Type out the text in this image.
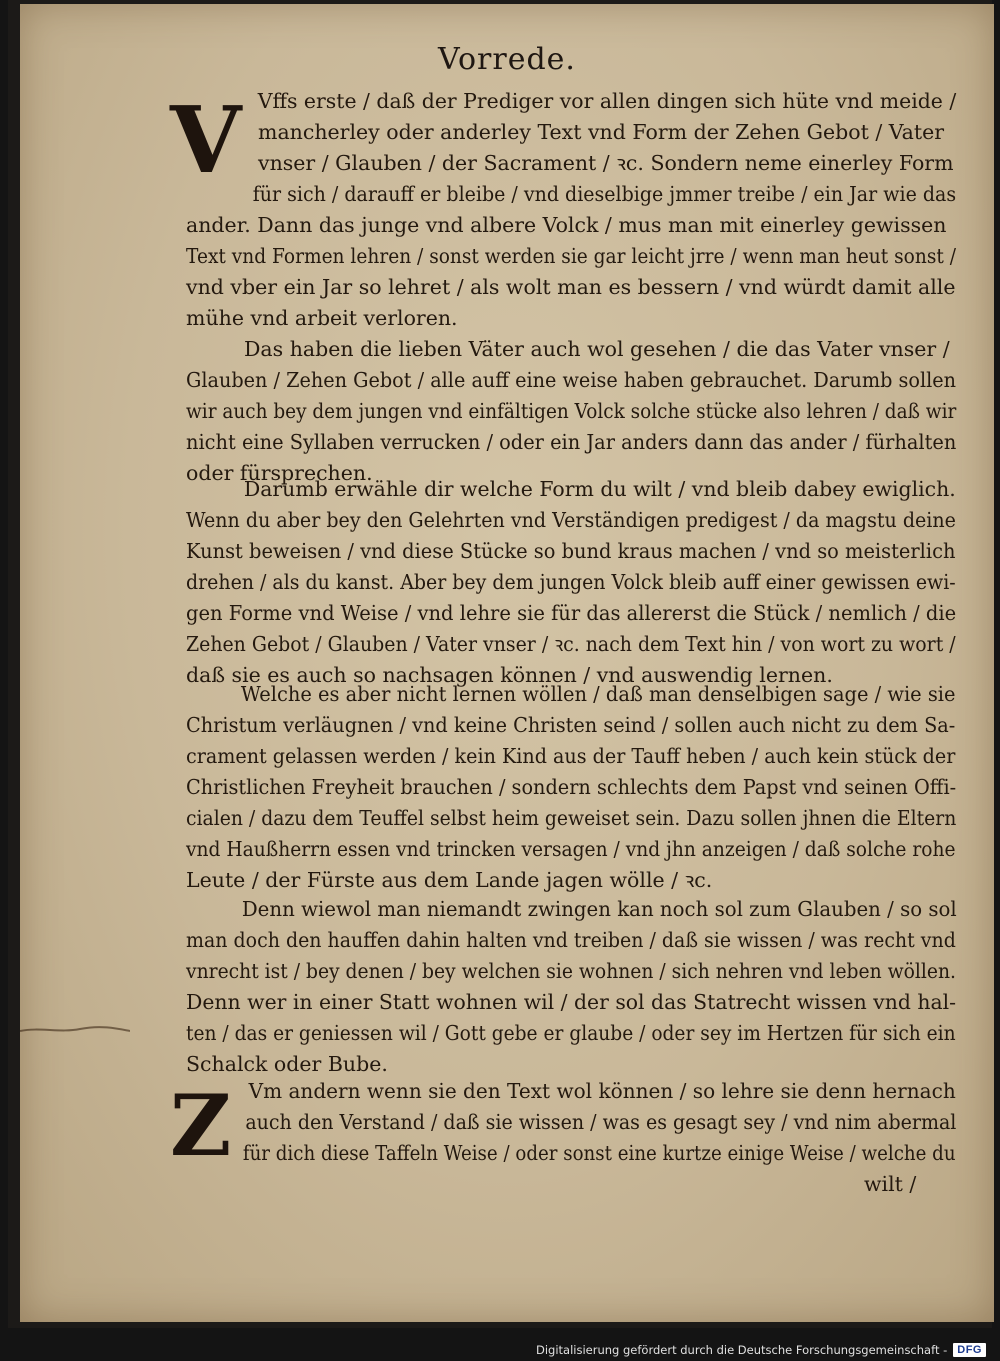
Vorrede.
V Vffs erste / daß der Prediger vor allen dingen sich hüte vnd meide /
mancherley oder anderley Text vnd Form der Zehen Gebot / Vater
vnser / Glauben / der Sacrament / ꝛc. Sondern neme einerley Form
für sich / darauff er bleibe / vnd dieselbige jmmer treibe / ein Jar wie das
ander. Dann das junge vnd albere Volck / mus man mit einerley gewissen
Text vnd Formen lehren / sonst werden sie gar leicht jrre / wenn man heut sonst /
vnd vber ein Jar so lehret / als wolt man es bessern / vnd würdt damit alle
mühe vnd arbeit verloren.
Das haben die lieben Väter auch wol gesehen / die das Vater vnser /
Glauben / Zehen Gebot / alle auff eine weise haben gebrauchet. Darumb sollen
wir auch bey dem jungen vnd einfältigen Volck solche stücke also lehren / daß wir
nicht eine Syllaben verrucken / oder ein Jar anders dann das ander / fürhalten
oder fürsprechen.
Darumb erwähle dir welche Form du wilt / vnd bleib dabey ewiglich.
Wenn du aber bey den Gelehrten vnd Verständigen predigest / da magstu deine
Kunst beweisen / vnd diese Stücke so bund kraus machen / vnd so meisterlich
drehen / als du kanst. Aber bey dem jungen Volck bleib auff einer gewissen ewi-
gen Forme vnd Weise / vnd lehre sie für das allererst die Stück / nemlich / die
Zehen Gebot / Glauben / Vater vnser / ꝛc. nach dem Text hin / von wort zu wort /
daß sie es auch so nachsagen können / vnd auswendig lernen.
Welche es aber nicht lernen wöllen / daß man denselbigen sage / wie sie
Christum verläugnen / vnd keine Christen seind / sollen auch nicht zu dem Sa-
crament gelassen werden / kein Kind aus der Tauff heben / auch kein stück der
Christlichen Freyheit brauchen / sondern schlechts dem Papst vnd seinen Offi-
cialen / dazu dem Teuffel selbst heim geweiset sein. Dazu sollen jhnen die Eltern
vnd Haußherrn essen vnd trincken versagen / vnd jhn anzeigen / daß solche rohe
Leute / der Fürste aus dem Lande jagen wölle / ꝛc.
Denn wiewol man niemandt zwingen kan noch sol zum Glauben / so sol
man doch den hauffen dahin halten vnd treiben / daß sie wissen / was recht vnd
vnrecht ist / bey denen / bey welchen sie wohnen / sich nehren vnd leben wöllen.
Denn wer in einer Statt wohnen wil / der sol das Statrecht wissen vnd hal-
ten / das er geniessen wil / Gott gebe er glaube / oder sey im Hertzen für sich ein
Schalck oder Bube.
Z Vm andern wenn sie den Text wol können / so lehre sie denn hernach
auch den Verstand / daß sie wissen / was es gesagt sey / vnd nim abermal
für dich diese Taffeln Weise / oder sonst eine kurtze einige Weise / welche du
wilt /
Digitalisierung gefördert durch die Deutsche Forschungsgemeinschaft - DFG
